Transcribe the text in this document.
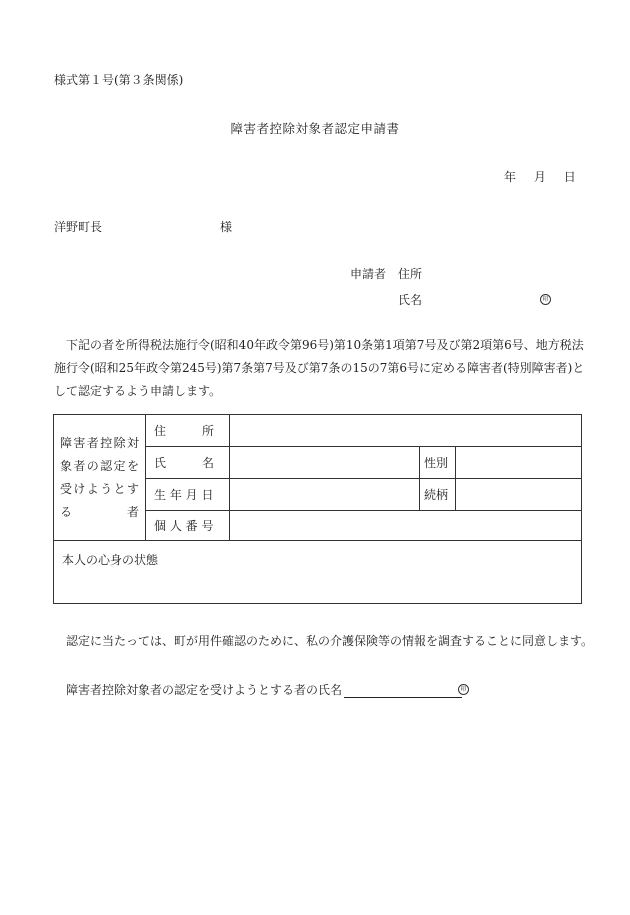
様式第１号(第３条関係)
障害者控除対象者認定申請書
年 月 日
洋野町長	様
申請者　 住所
氏名	印
下記の者を所得税法施行令(昭和40年政令第96号)第10条第1項第7号及び第2項第6号、地方税法施行令(昭和25年政令第245号)第7条第7号及び第7条の15の7第6号に定める障害者(特別障害者)として認定するよう申請します。
障害者控除対象者の認定を受けようとする者	住　　　所			
	氏　　　名		性別	
	生 年 月 日		続柄	
	個 人 番 号			
本人の心身の状態				
認定に当たっては、町が用件確認のために、私の介護保険等の情報を調査することに同意します。
障害者控除対象者の認定を受けようとする者の氏名	印
